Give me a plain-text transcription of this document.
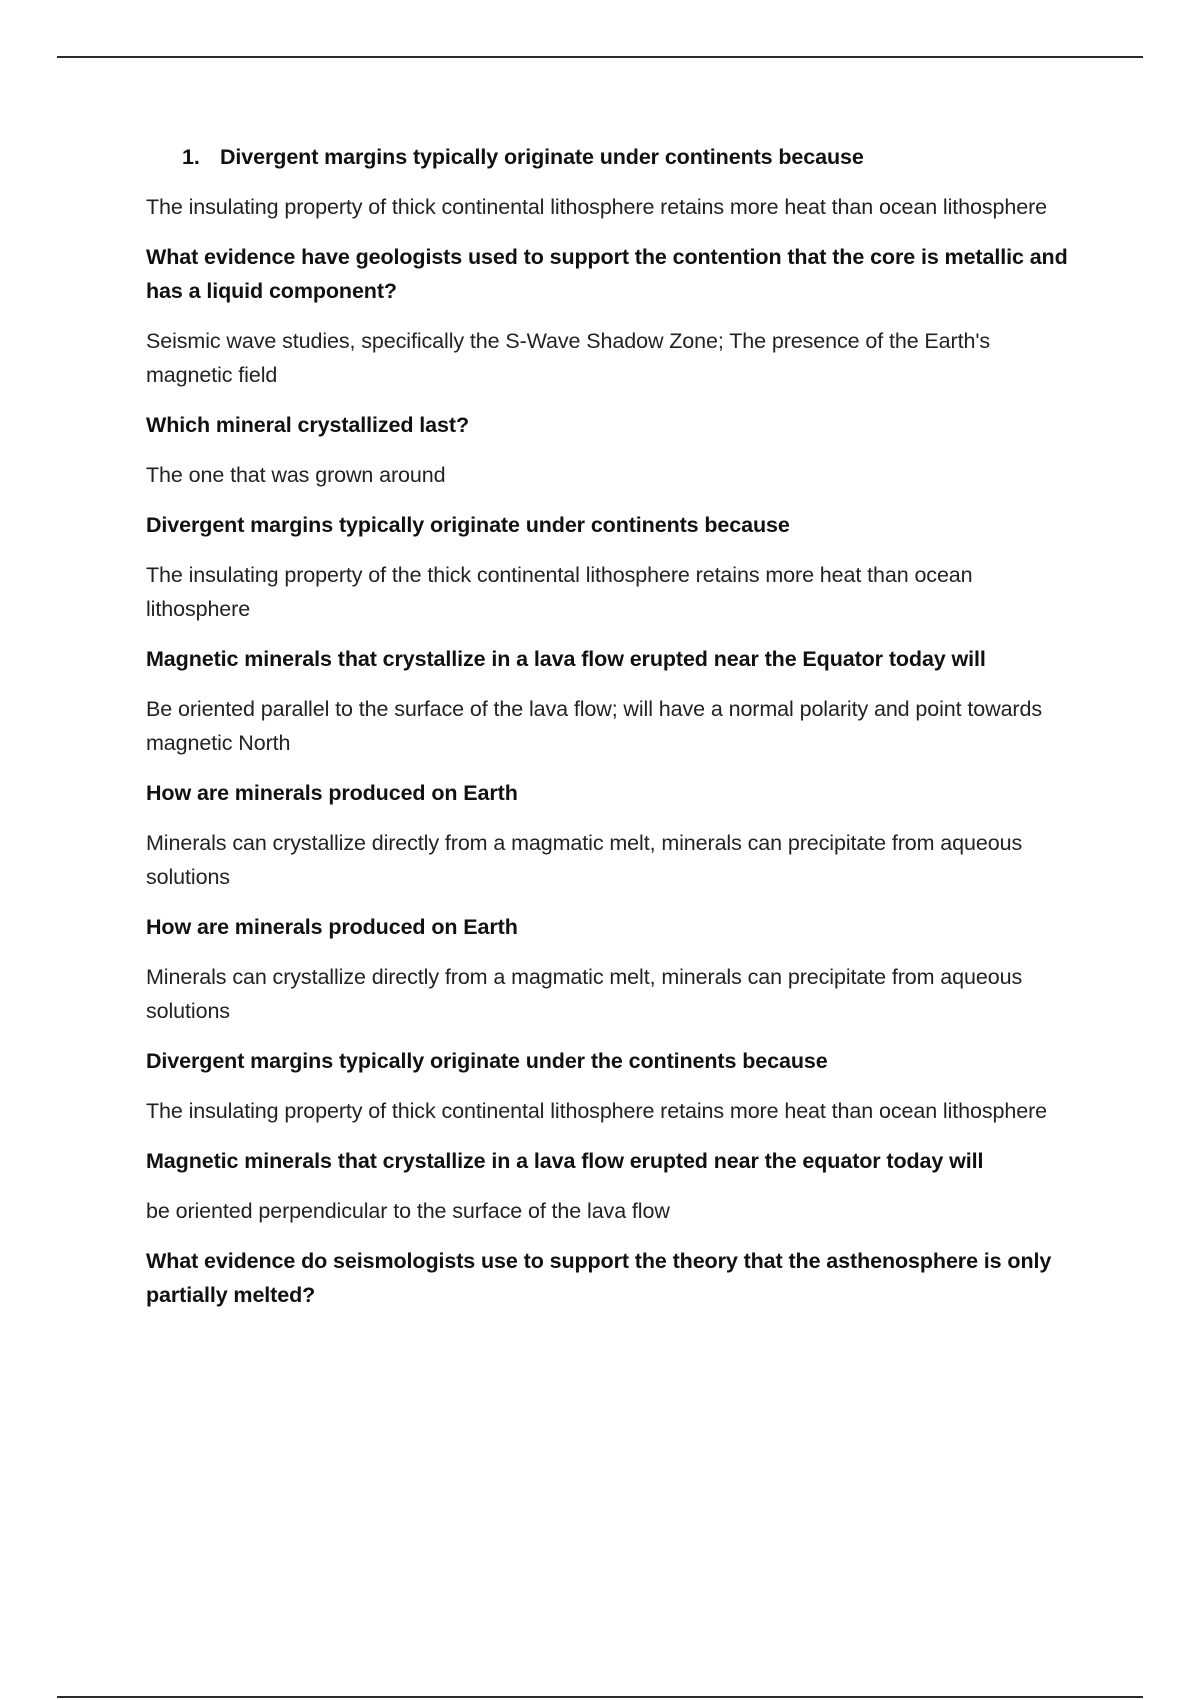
1. Divergent margins typically originate under continents because

The insulating property of thick continental lithosphere retains more heat than ocean lithosphere

What evidence have geologists used to support the contention that the core is metallic and has a liquid component?

Seismic wave studies, specifically the S-Wave Shadow Zone; The presence of the Earth's magnetic field

Which mineral crystallized last?

The one that was grown around

Divergent margins typically originate under continents because

The insulating property of the thick continental lithosphere retains more heat than ocean lithosphere

Magnetic minerals that crystallize in a lava flow erupted near the Equator today will

Be oriented parallel to the surface of the lava flow; will have a normal polarity and point towards magnetic North

How are minerals produced on Earth

Minerals can crystallize directly from a magmatic melt, minerals can precipitate from aqueous solutions

How are minerals produced on Earth

Minerals can crystallize directly from a magmatic melt, minerals can precipitate from aqueous solutions

Divergent margins typically originate under the continents because

The insulating property of thick continental lithosphere retains more heat than ocean lithosphere

Magnetic minerals that crystallize in a lava flow erupted near the equator today will

be oriented perpendicular to the surface of the lava flow

What evidence do seismologists use to support the theory that the asthenosphere is only partially melted?
